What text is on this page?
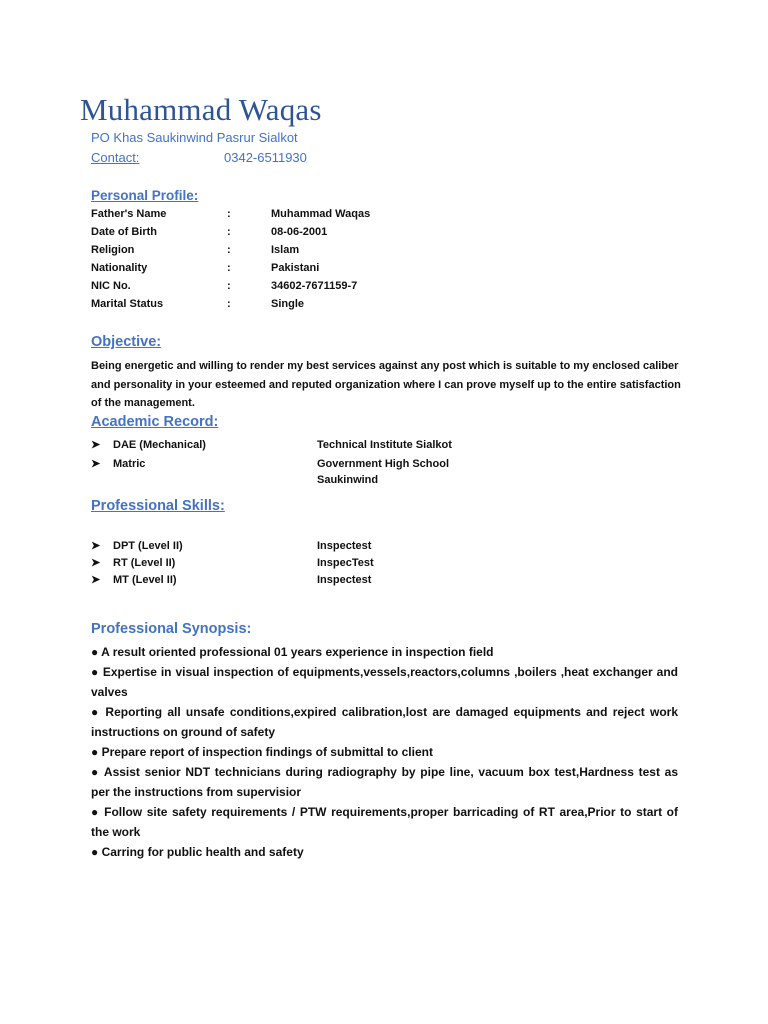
Muhammad Waqas
PO Khas Saukinwind Pasrur Sialkot
Contact:	0342-6511930
Personal Profile:
Father's Name	:	Muhammad Waqas
Date of Birth	:	08-06-2001
Religion	:	Islam
Nationality	:	Pakistani
NIC No.	:	34602-7671159-7
Marital Status	:	Single
Objective:
Being energetic and willing to render my best services against any post which is suitable to my enclosed caliber and personality in your esteemed and reputed organization where I can prove myself up to the entire satisfaction of the management.
Academic Record:
➤	DAE (Mechanical)	Technical Institute Sialkot
➤	Matric	Government High School Saukinwind
Professional Skills:
➤	DPT (Level II)	Inspectest
➤	RT (Level II)	InspecTest
➤	MT (Level II)	Inspectest
Professional Synopsis:
● A result oriented professional 01 years experience in inspection field
● Expertise in visual inspection of equipments,vessels,reactors,columns ,boilers ,heat exchanger and valves
● Reporting all unsafe conditions,expired calibration,lost are damaged equipments and reject work instructions on ground of safety
● Prepare report of inspection findings of submittal to client
● Assist senior NDT technicians during radiography by pipe line, vacuum box test,Hardness test as per the instructions from supervisior
● Follow site safety requirements / PTW requirements,proper barricading of RT area,Prior to start of the work
● Carring for public health and safety
